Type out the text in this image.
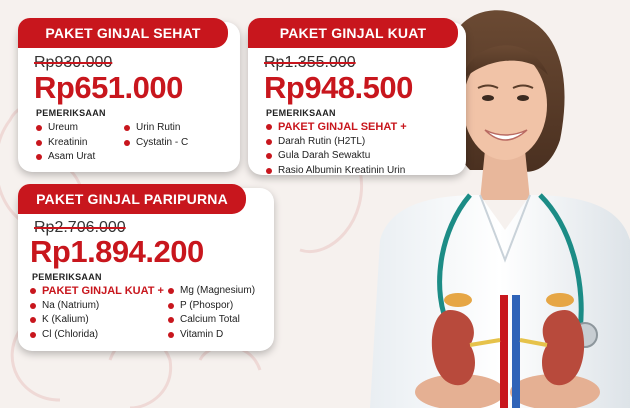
PAKET GINJAL SEHAT
Rp930.000
Rp651.000
PEMERIKSAAN
Ureum
Kreatinin
Asam Urat
Urin Rutin
Cystatin - C
PAKET GINJAL KUAT
Rp1.355.000
Rp948.500
PEMERIKSAAN
PAKET GINJAL SEHAT +
Darah Rutin (H2TL)
Gula Darah Sewaktu
Rasio Albumin Kreatinin Urin
PAKET GINJAL PARIPURNA
Rp2.706.000
Rp1.894.200
PEMERIKSAAN
PAKET GINJAL KUAT +
Na (Natrium)
K (Kalium)
Cl (Chlorida)
Mg (Magnesium)
P (Phospor)
Calcium Total
Vitamin D
